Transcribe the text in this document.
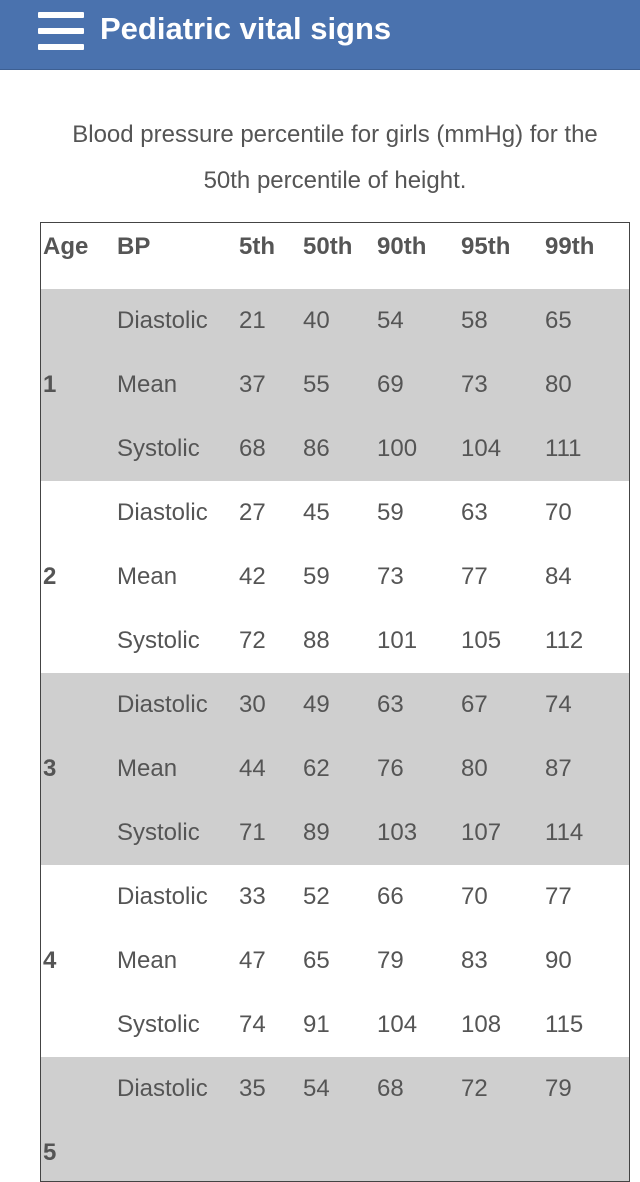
Pediatric vital signs
Blood pressure percentile for girls (mmHg) for the
50th percentile of height.
Age BP	5th 50th 90th 95th 99th
1
Diastolic 21 40 54 58 65
Mean	37 55 69 73 80
Systolic 68 86 100 104 111
2
Diastolic 27 45 59 63 70
Mean	42 59 73 77 84
Systolic 72 88 101 105 112
3
Diastolic 30 49 63 67 74
Mean	44 62 76 80 87
Systolic 71 89 103 107 114
4
Diastolic 33 52 66 70 77
Mean	47 65 79 83 90
Systolic 74 91 104 108 115
5
Diastolic 35 54 68 72 79
